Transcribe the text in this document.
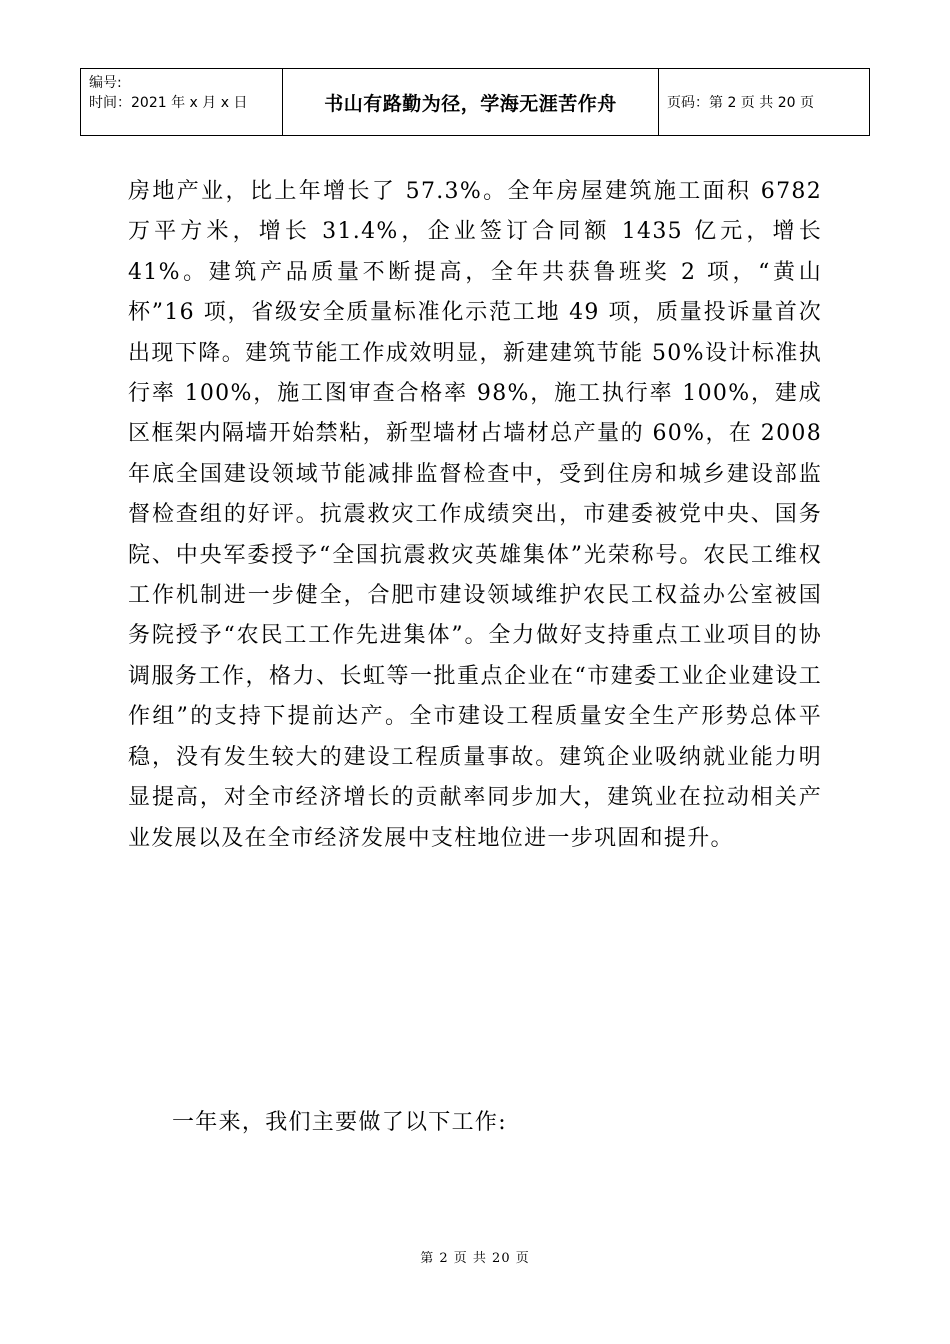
编号:
时间：2021 年 x 月 x 日	书山有路勤为径，学海无涯苦作舟	页码：第 2 页 共 20 页

房地产业，比上年增长了 57.3%。全年房屋建筑施工面积 6782 万平方米，增长 31.4%，企业签订合同额 1435 亿元，增长 41%。建筑产品质量不断提高，全年共获鲁班奖 2 项，“黄山杯”16 项，省级安全质量标准化示范工地 49 项，质量投诉量首次出现下降。建筑节能工作成效明显，新建建筑节能 50%设计标准执行率 100%，施工图审查合格率 98%，施工执行率 100%，建成区框架内隔墙开始禁粘，新型墙材占墙材总产量的 60%，在 2008 年底全国建设领域节能减排监督检查中，受到住房和城乡建设部监督检查组的好评。抗震救灾工作成绩突出，市建委被党中央、国务院、中央军委授予“全国抗震救灾英雄集体”光荣称号。农民工维权工作机制进一步健全，合肥市建设领域维护农民工权益办公室被国务院授予“农民工工作先进集体”。全力做好支持重点工业项目的协调服务工作，格力、长虹等一批重点企业在“市建委工业企业建设工作组”的支持下提前达产。全市建设工程质量安全生产形势总体平稳，没有发生较大的建设工程质量事故。建筑企业吸纳就业能力明显提高，对全市经济增长的贡献率同步加大，建筑业在拉动相关产业发展以及在全市经济发展中支柱地位进一步巩固和提升。

一年来，我们主要做了以下工作:

第 2 页 共 20 页
